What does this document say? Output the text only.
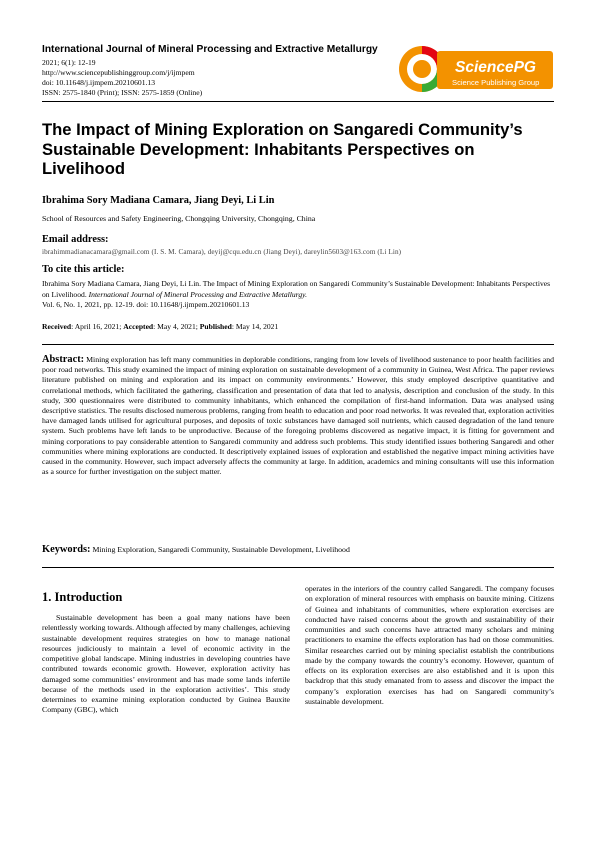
International Journal of Mineral Processing and Extractive Metallurgy
2021; 6(1): 12-19
http://www.sciencepublishinggroup.com/j/ijmpem
doi: 10.11648/j.ijmpem.20210601.13
ISSN: 2575-1840 (Print); ISSN: 2575-1859 (Online)
SciencePG
Science Publishing Group
The Impact of Mining Exploration on Sangaredi Community’s Sustainable Development: Inhabitants Perspectives on Livelihood
Ibrahima Sory Madiana Camara, Jiang Deyi, Li Lin
School of Resources and Safety Engineering, Chongqing University, Chongqing, China
Email address:
ibrahimmadianacamara@gmail.com (I. S. M. Camara), deyij@cqu.edu.cn (Jiang Deyi), dareylin5603@163.com (Li Lin)
To cite this article:
Ibrahima Sory Madiana Camara, Jiang Deyi, Li Lin. The Impact of Mining Exploration on Sangaredi Community’s Sustainable Development: Inhabitants Perspectives on Livelihood. International Journal of Mineral Processing and Extractive Metallurgy.
Vol. 6, No. 1, 2021, pp. 12-19. doi: 10.11648/j.ijmpem.20210601.13
Received: April 16, 2021; Accepted: May 4, 2021; Published: May 14, 2021
Abstract: Mining exploration has left many communities in deplorable conditions, ranging from low levels of livelihood sustenance to poor health facilities and poor road networks. This study examined the impact of mining exploration on sustainable development of a community in Guinea, West Africa. The paper reviews literature published on mining and exploration and its impact on community environments.’ However, this study employed descriptive quantitative and correlational methods, which facilitated the gathering, classification and presentation of data that led to analysis, description and conclusion of the study. In this study, 300 questionnaires were distributed to community inhabitants, which enhanced the compilation of first-hand information. Data was analysed using descriptive statistics. The results disclosed numerous problems, ranging from health to education and poor road networks. It was revealed that, exploration activities have damaged lands utilised for agricultural purposes, and deposits of toxic substances have damaged soil nutrients, which caused degradation of the land tenure system. Such problems have left lands to be unproductive. Because of the foregoing problems discovered as negative impact, it is fitting for government and mining corporations to pay considerable attention to Sangaredi community and address such problems. This study identified issues bothering Sangaredi and other communities where mining explorations are conducted. It descriptively explained issues of exploration and established the negative impact mining activities have caused in the community. However, such impact adversely affects the community at large. In addition, academics and mining consultants will use this information as a source for further investigation on the subject matter.
Keywords: Mining Exploration, Sangaredi Community, Sustainable Development, Livelihood
1. Introduction
Sustainable development has been a goal many nations have been relentlessly working towards. Although affected by many challenges, achieving sustainable development requires strategies on how to manage national resources judiciously to maintain a level of economic activity in the competitive global landscape. Mining industries in developing countries have contributed towards economic growth. However, exploration activity has damaged some communities’ environment and has made some lands infertile because of the methods used in the exploration activities’. This study determines to examine mining exploration conducted by Guinea Bauxite Company (GBC), which
operates in the interiors of the country called Sangaredi. The company focuses on exploration of mineral resources with emphasis on bauxite mining. Citizens of Guinea and inhabitants of communities, where exploration exercises are conducted have raised concerns about the growth and sustainability of their communities and such concerns have attracted many scholars and mining practitioners to examine the effects exploration has had on those communities. Similar researches carried out by mining specialist establish the contributions made by the company towards the country’s economy. However, quantum of effects on its exploration exercises are also established and it is upon this backdrop that this study emanated from to assess and discover the impact the company’s exploration exercises has had on Sangaredi community’s sustainable development.
